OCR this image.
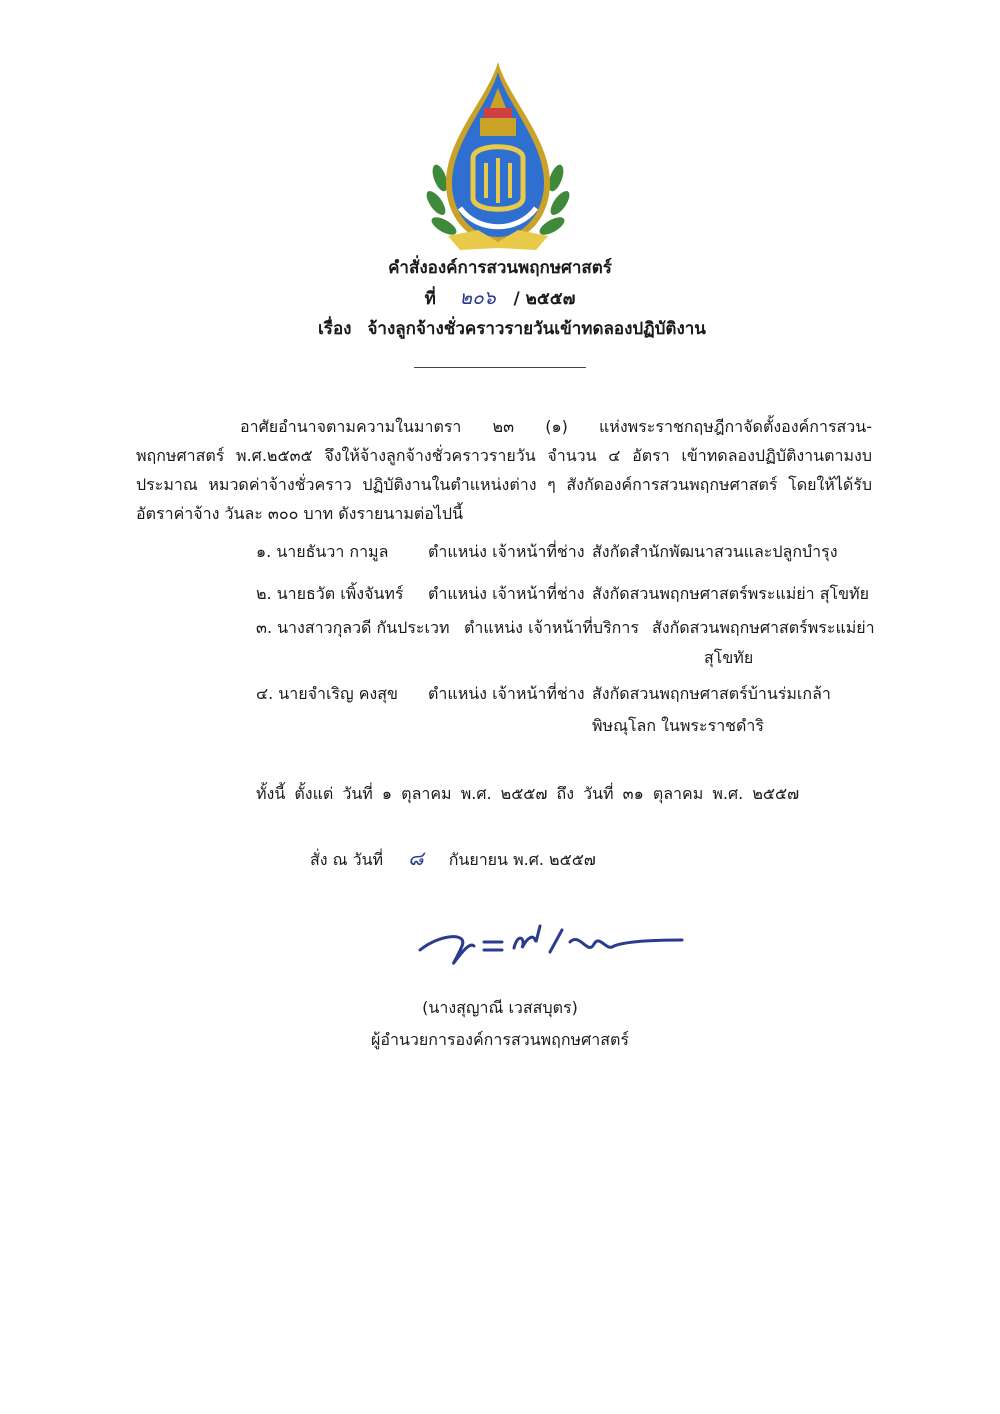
คำสั่งองค์การสวนพฤกษศาสตร์
ที่ ๒๐๖ / ๒๕๕๗
เรื่อง จ้างลูกจ้างชั่วคราวรายวันเข้าทดลองปฏิบัติงาน
อาศัยอำนาจตามความในมาตรา ๒๓ (๑) แห่งพระราชกฤษฎีกาจัดตั้งองค์การสวน-พฤกษศาสตร์ พ.ศ.๒๕๓๕ จึงให้จ้างลูกจ้างชั่วคราวรายวัน จำนวน ๔ อัตรา เข้าทดลองปฏิบัติงานตามงบประมาณ หมวดค่าจ้างชั่วคราว ปฏิบัติงานในตำแหน่งต่าง ๆ สังกัดองค์การสวนพฤกษศาสตร์ โดยให้ได้รับอัตราค่าจ้าง วันละ ๓๐๐ บาท ดังรายนามต่อไปนี้
๑. นายธันวา กามูล ตำแหน่ง เจ้าหน้าที่ช่าง สังกัดสำนักพัฒนาสวนและปลูกบำรุง
๒. นายธวัต เพิ้งจันทร์ ตำแหน่ง เจ้าหน้าที่ช่าง สังกัดสวนพฤกษศาสตร์พระแม่ย่า สุโขทัย
๓. นางสาวกุลวดี กันประเวท ตำแหน่ง เจ้าหน้าที่บริการ สังกัดสวนพฤกษศาสตร์พระแม่ย่า
สุโขทัย
๔. นายจำเริญ คงสุข ตำแหน่ง เจ้าหน้าที่ช่าง สังกัดสวนพฤกษศาสตร์บ้านร่มเกล้า
พิษณุโลก ในพระราชดำริ
ทั้งนี้ ตั้งแต่ วันที่ ๑ ตุลาคม พ.ศ. ๒๕๕๗ ถึง วันที่ ๓๑ ตุลาคม พ.ศ. ๒๕๕๗
สั่ง ณ วันที่ ๘ กันยายน พ.ศ. ๒๕๕๗
(นางสุญาณี เวสสบุตร)
ผู้อำนวยการองค์การสวนพฤกษศาสตร์
